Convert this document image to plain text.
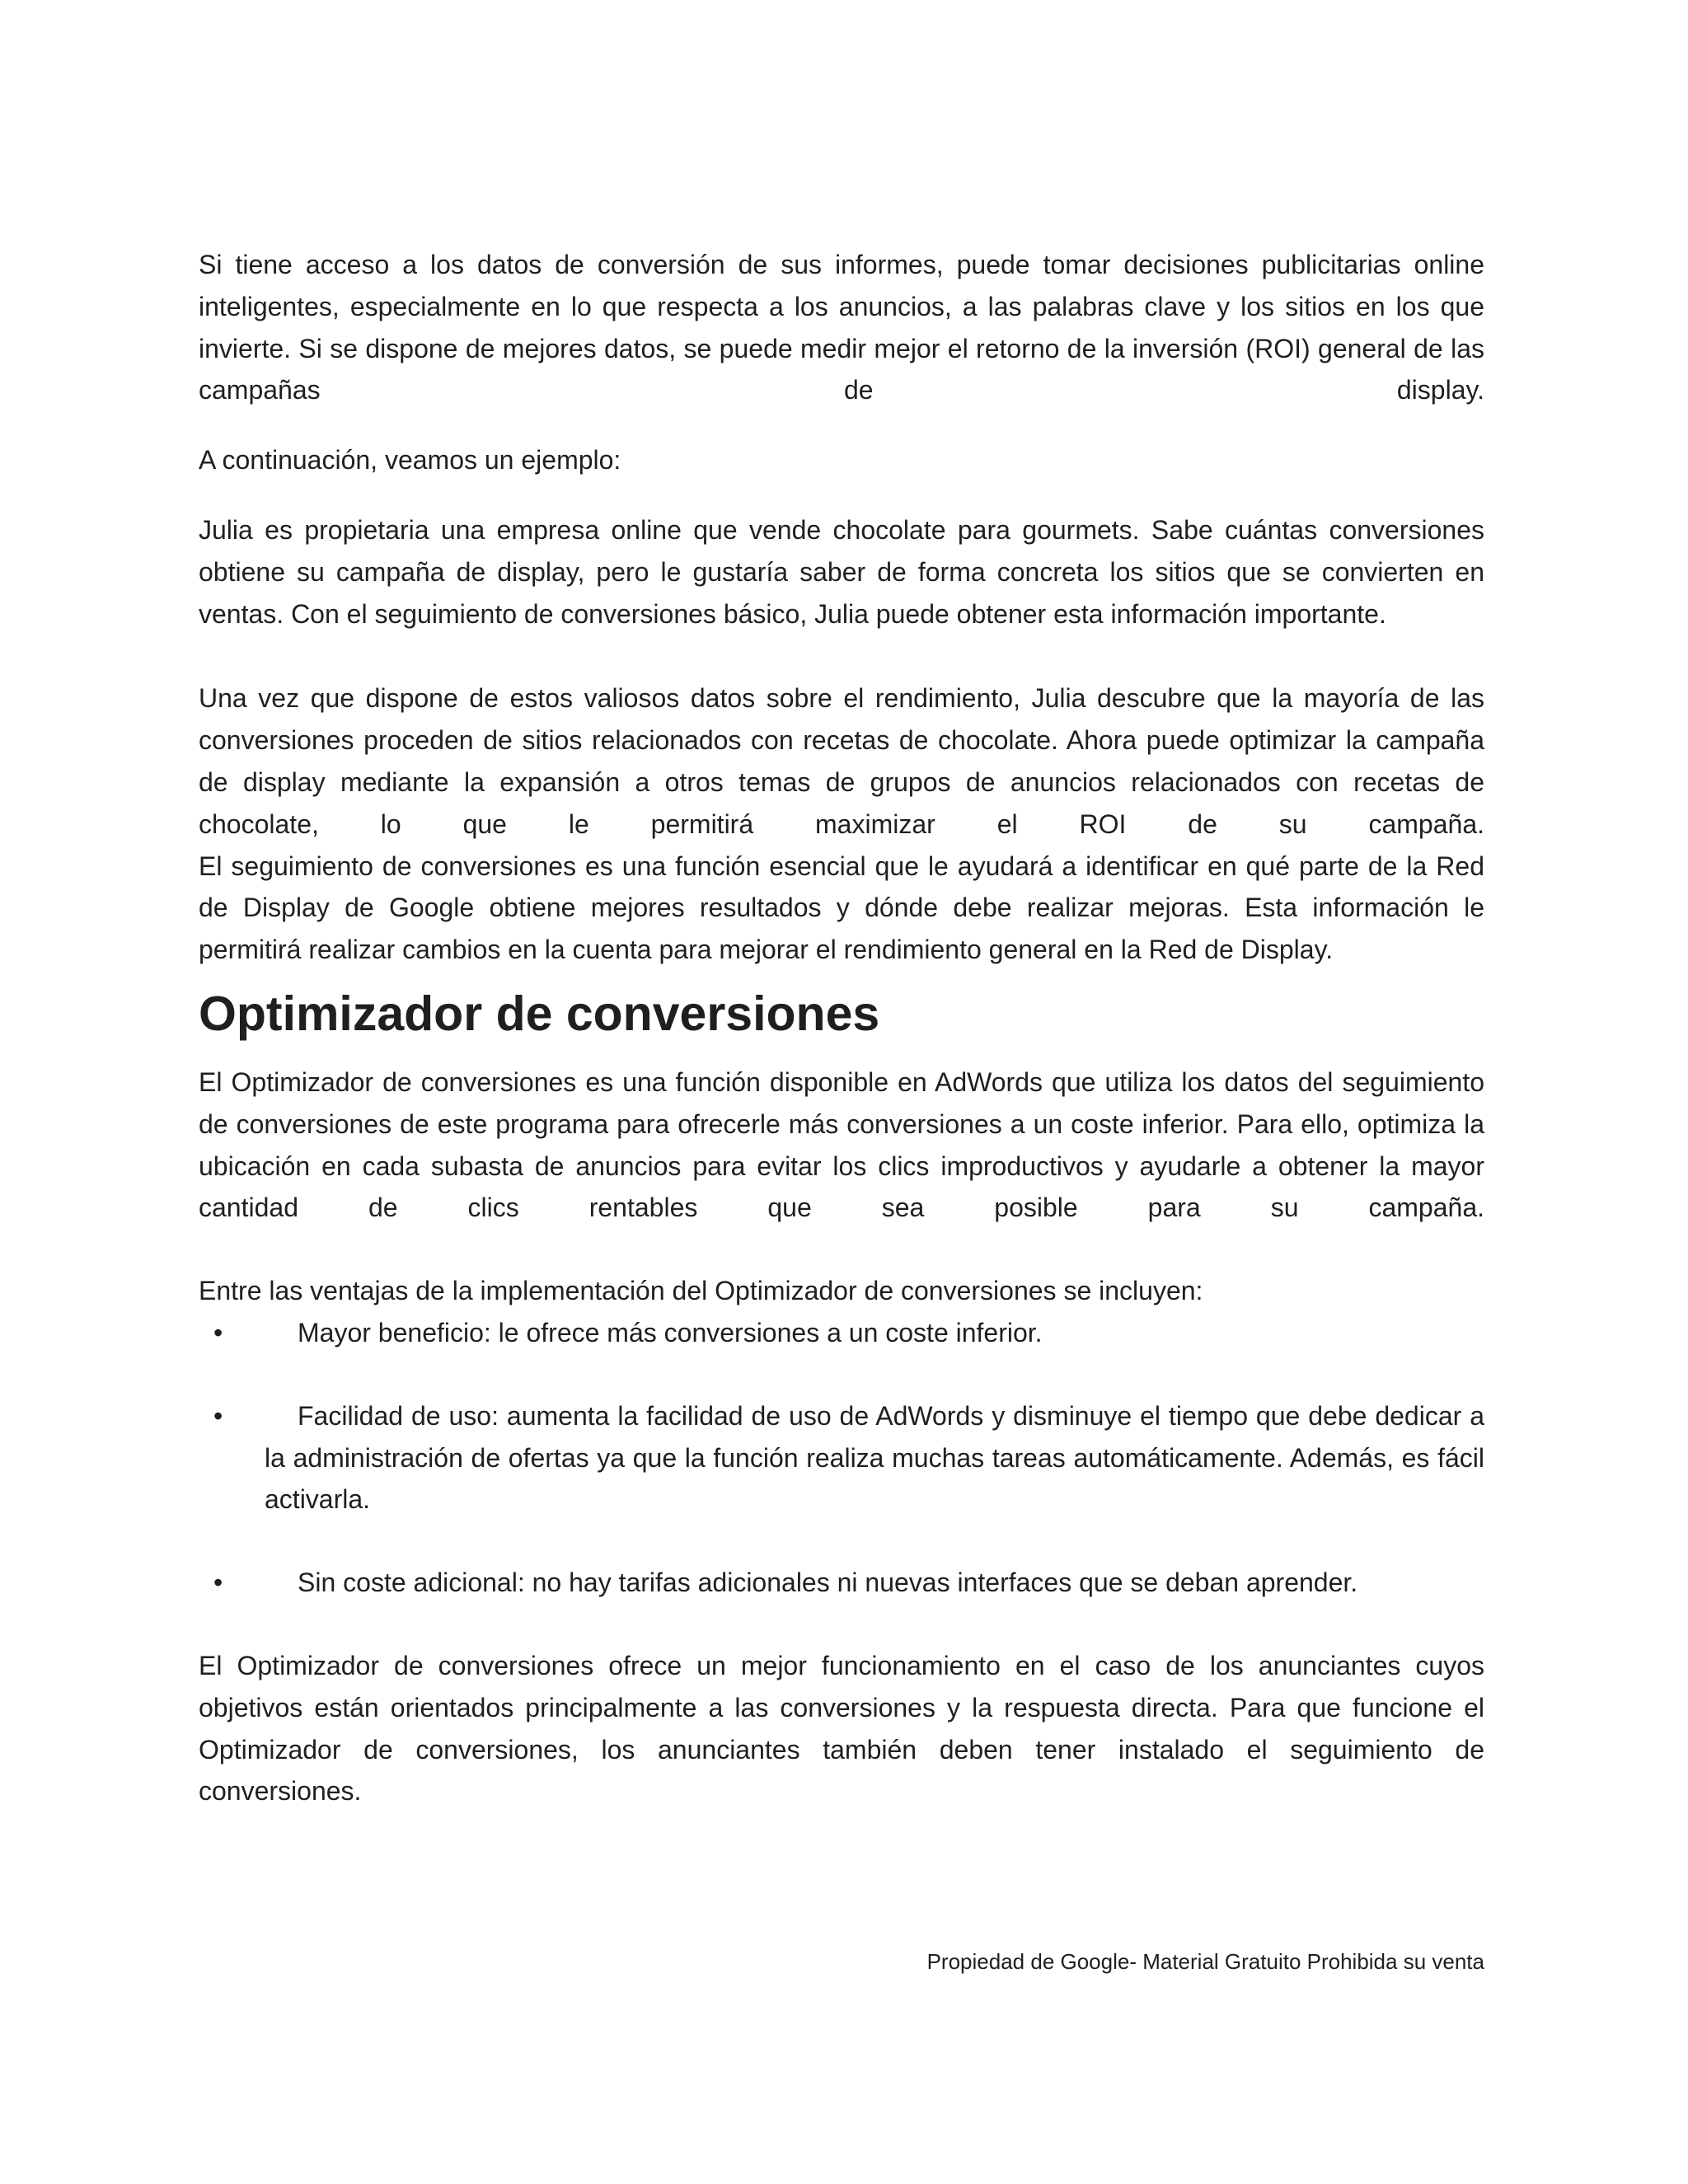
Si tiene acceso a los datos de conversión de sus informes, puede tomar decisiones publicitarias online inteligentes, especialmente en lo que respecta a los anuncios, a las palabras clave y los sitios en los que invierte. Si se dispone de mejores datos, se puede medir mejor el retorno de la inversión (ROI) general de las campañas de display.

A continuación, veamos un ejemplo:

Julia es propietaria una empresa online que vende chocolate para gourmets. Sabe cuántas conversiones obtiene su campaña de display, pero le gustaría saber de forma concreta los sitios que se convierten en ventas. Con el seguimiento de conversiones básico, Julia puede obtener esta información importante.

Una vez que dispone de estos valiosos datos sobre el rendimiento, Julia descubre que la mayoría de las conversiones proceden de sitios relacionados con recetas de chocolate. Ahora puede optimizar la campaña de display mediante la expansión a otros temas de grupos de anuncios relacionados con recetas de chocolate, lo que le permitirá maximizar el ROI de su campaña.

El seguimiento de conversiones es una función esencial que le ayudará a identificar en qué parte de la Red de Display de Google obtiene mejores resultados y dónde debe realizar mejoras. Esta información le permitirá realizar cambios en la cuenta para mejorar el rendimiento general en la Red de Display.

Optimizador de conversiones

El Optimizador de conversiones es una función disponible en AdWords que utiliza los datos del seguimiento de conversiones de este programa para ofrecerle más conversiones a un coste inferior. Para ello, optimiza la ubicación en cada subasta de anuncios para evitar los clics improductivos y ayudarle a obtener la mayor cantidad de clics rentables que sea posible para su campaña.

Entre las ventajas de la implementación del Optimizador de conversiones se incluyen:

•	Mayor beneficio: le ofrece más conversiones a un coste inferior.
•	Facilidad de uso: aumenta la facilidad de uso de AdWords y disminuye el tiempo que debe dedicar a la administración de ofertas ya que la función realiza muchas tareas automáticamente. Además, es fácil activarla.
•	Sin coste adicional: no hay tarifas adicionales ni nuevas interfaces que se deban aprender.

El Optimizador de conversiones ofrece un mejor funcionamiento en el caso de los anunciantes cuyos objetivos están orientados principalmente a las conversiones y la respuesta directa. Para que funcione el Optimizador de conversiones, los anunciantes también deben tener instalado el seguimiento de conversiones.

Propiedad de Google- Material Gratuito Prohibida su venta
